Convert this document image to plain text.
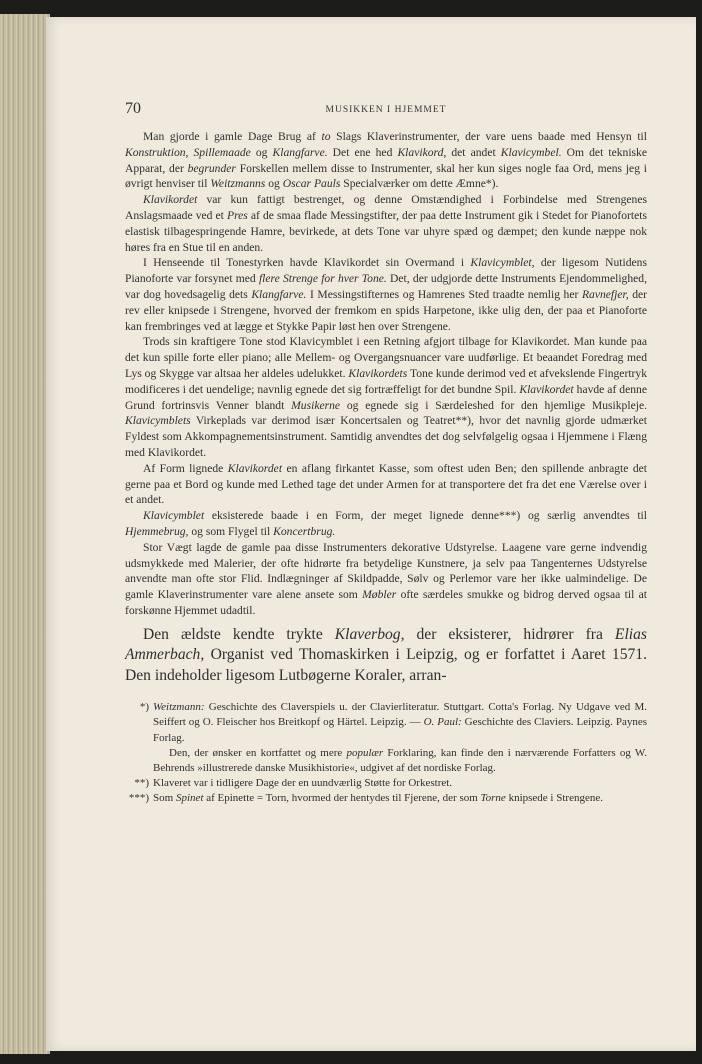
70	MUSIKKEN I HJEMMET

Man gjorde i gamle Dage Brug af to Slags Klaverinstrumenter, der vare uens baade med Hensyn til Konstruktion, Spillemaade og Klangfarve. Det ene hed Klavikord, det andet Klavicymbel. Om det tekniske Apparat, der begrunder Forskellen mellem disse to Instrumenter, skal her kun siges nogle faa Ord, mens jeg i øvrigt henviser til Weitzmanns og Oscar Pauls Specialværker om dette Æmne*).

Klavikordet var kun fattigt bestrenget, og denne Omstændighed i Forbindelse med Strengenes Anslagsmaade ved et Pres af de smaa flade Messingstifter, der paa dette Instrument gik i Stedet for Pianofortets elastisk tilbagespringende Hamre, bevirkede, at dets Tone var uhyre spæd og dæmpet; den kunde næppe nok høres fra en Stue til en anden.

I Henseende til Tonestyrken havde Klavikordet sin Overmand i Klavicymblet, der ligesom Nutidens Pianoforte var forsynet med flere Strenge for hver Tone. Det, der udgjorde dette Instruments Ejendommelighed, var dog hovedsagelig dets Klangfarve. I Messingstifternes og Hamrenes Sted traadte nemlig her Ravnefjer, der rev eller knipsede i Strengene, hvorved der fremkom en spids Harpetone, ikke ulig den, der paa et Pianoforte kan frembringes ved at lægge et Stykke Papir løst hen over Strengene.

Trods sin kraftigere Tone stod Klavicymblet i een Retning afgjort tilbage for Klavikordet. Man kunde paa det kun spille forte eller piano; alle Mellem- og Overgangsnuancer vare uudførlige. Et beaandet Foredrag med Lys og Skygge var altsaa her aldeles udelukket. Klavikordets Tone kunde derimod ved et afvekslende Fingertryk modificeres i det uendelige; navnlig egnede det sig fortræffeligt for det bundne Spil. Klavikordet havde af denne Grund fortrinsvis Venner blandt Musikerne og egnede sig i Særdeleshed for den hjemlige Musikpleje. Klavicymblets Virkeplads var derimod især Koncertsalen og Teatret**), hvor det navnlig gjorde udmærket Fyldest som Akkompagnementsinstrument. Samtidig anvendtes det dog selvfølgelig ogsaa i Hjemmene i Flæng med Klavikordet.

Af Form lignede Klavikordet en aflang firkantet Kasse, som oftest uden Ben; den spillende anbragte det gerne paa et Bord og kunde med Lethed tage det under Armen for at transportere det fra det ene Værelse over i et andet.

Klavicymblet eksisterede baade i en Form, der meget lignede denne***) og særlig anvendtes til Hjemmebrug, og som Flygel til Koncertbrug.

Stor Vægt lagde de gamle paa disse Instrumenters dekorative Udstyrelse. Laagene vare gerne indvendig udsmykkede med Malerier, der ofte hidrørte fra betydelige Kunstnere, ja selv paa Tangenternes Udstyrelse anvendte man ofte stor Flid. Indlægninger af Skildpadde, Sølv og Perlemor vare her ikke ualmindelige. De gamle Klaverinstrumenter vare alene ansete som Møbler ofte særdeles smukke og bidrog derved ogsaa til at forskønne Hjemmet udadtil.

Den ældste kendte trykte Klaverbog, der eksisterer, hidrører fra Elias Ammerbach, Organist ved Thomaskirken i Leipzig, og er forfattet i Aaret 1571. Den indeholder ligesom Lutbøgerne Koraler, arran-

*) Weitzmann: Geschichte des Claverspiels u. der Clavierliteratur. Stuttgart. Cotta's Forlag. Ny Udgave ved M. Seiffert og O. Fleischer hos Breitkopf og Härtel. Leipzig. — O. Paul: Geschichte des Claviers. Leipzig. Paynes Forlag.
Den, der ønsker en kortfattet og mere populær Forklaring, kan finde den i nærværende Forfatters og W. Behrends »illustrerede danske Musikhistorie«, udgivet af det nordiske Forlag.
**) Klaveret var i tidligere Dage der en uundværlig Støtte for Orkestret.
***) Som Spinet af Epinette = Torn, hvormed der hentydes til Fjerene, der som Torne knipsede i Strengene.
